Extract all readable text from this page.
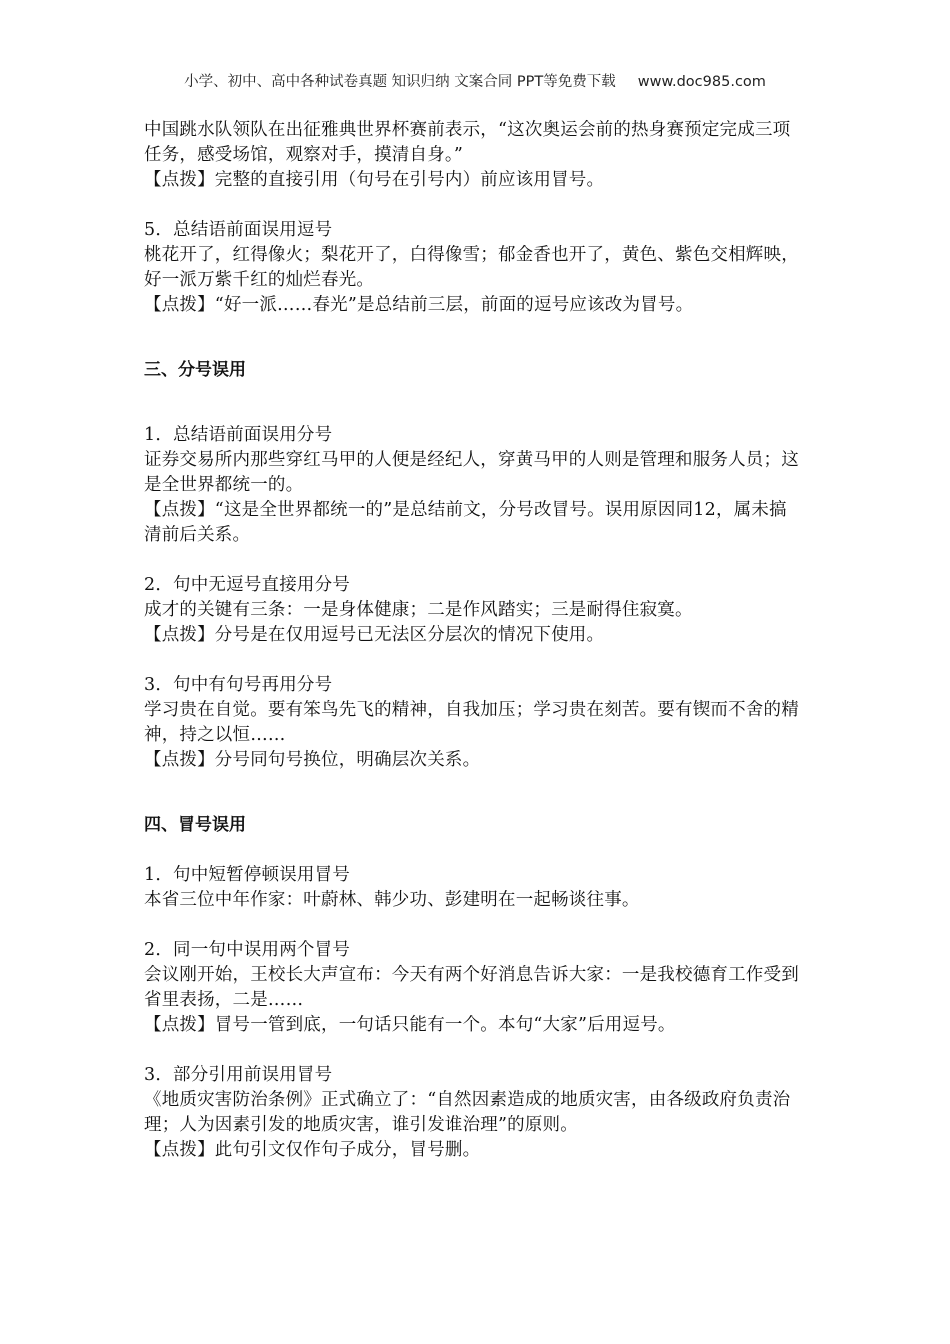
小学、初中、高中各种试卷真题 知识归纳 文案合同 PPT等免费下载 www.doc985.com

中国跳水队领队在出征雅典世界杯赛前表示，“这次奥运会前的热身赛预定完成三项任务，感受场馆，观察对手，摸清自身。”

【点拨】完整的直接引用（句号在引号内）前应该用冒号。

5．总结语前面误用逗号

桃花开了，红得像火；梨花开了，白得像雪；郁金香也开了，黄色、紫色交相辉映，好一派万紫千红的灿烂春光。

【点拨】“好一派……春光”是总结前三层，前面的逗号应该改为冒号。

三、分号误用

1．总结语前面误用分号

证券交易所内那些穿红马甲的人便是经纪人，穿黄马甲的人则是管理和服务人员；这是全世界都统一的。

【点拨】“这是全世界都统一的”是总结前文，分号改冒号。误用原因同12，属未搞清前后关系。

2．句中无逗号直接用分号

成才的关键有三条：一是身体健康；二是作风踏实；三是耐得住寂寞。

【点拨】分号是在仅用逗号已无法区分层次的情况下使用。

3．句中有句号再用分号

学习贵在自觉。要有笨鸟先飞的精神，自我加压；学习贵在刻苦。要有锲而不舍的精神，持之以恒……

【点拨】分号同句号换位，明确层次关系。

四、冒号误用

1．句中短暂停顿误用冒号

本省三位中年作家：叶蔚林、韩少功、彭建明在一起畅谈往事。

2．同一句中误用两个冒号

会议刚开始，王校长大声宣布：今天有两个好消息告诉大家：一是我校德育工作受到省里表扬，二是……

【点拨】冒号一管到底，一句话只能有一个。本句“大家”后用逗号。

3．部分引用前误用冒号

《地质灾害防治条例》正式确立了：“自然因素造成的地质灾害，由各级政府负责治理；人为因素引发的地质灾害，谁引发谁治理”的原则。

【点拨】此句引文仅作句子成分，冒号删。
